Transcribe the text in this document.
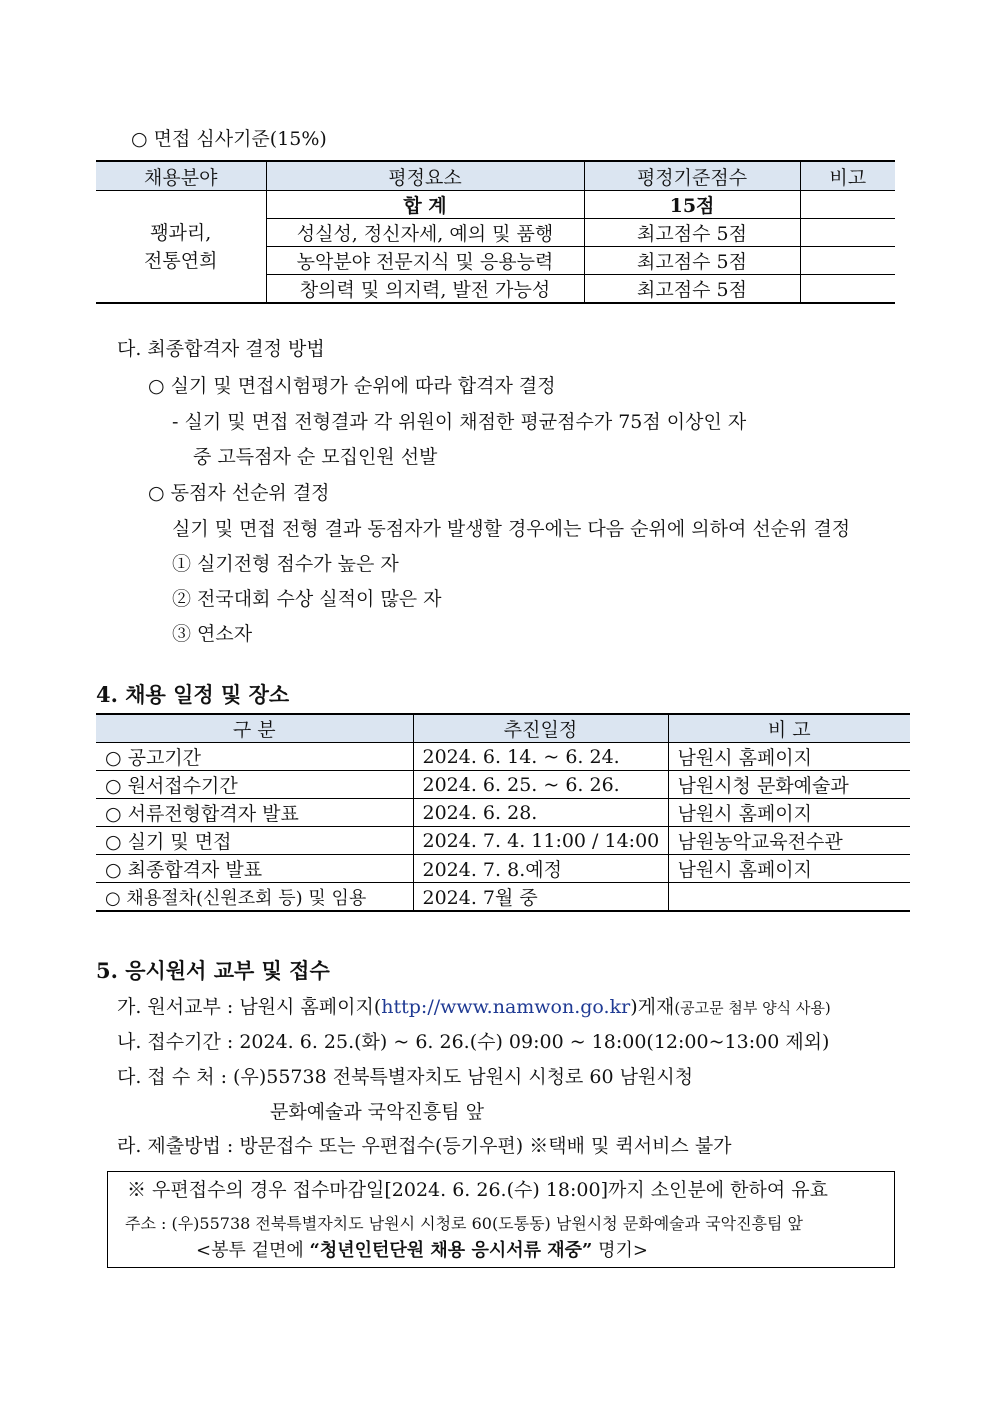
○ 면접 심사기준(15%)
채용분야	평정요소	평정기준점수	비고

꽹과리,
전통연희	합 계	15점	
	성실성, 정신자세, 예의 및 품행	최고점수 5점	
	농악분야 전문지식 및 응용능력	최고점수 5점	
	창의력 및 의지력, 발전 가능성	최고점수 5점	
다. 최종합격자 결정 방법
○ 실기 및 면접시험평가 순위에 따라 합격자 결정
- 실기 및 면접 전형결과 각 위원이 채점한 평균점수가 75점 이상인 자
중 고득점자 순 모집인원 선발
○ 동점자 선순위 결정
실기 및 면접 전형 결과 동점자가 발생할 경우에는 다음 순위에 의하여 선순위 결정
① 실기전형 점수가 높은 자
② 전국대회 수상 실적이 많은 자
③ 연소자
4. 채용 일정 및 장소
구 분	추진일정	비 고
○ 공고기간	2024. 6. 14. ~ 6. 24.	남원시 홈페이지
○ 원서접수기간	2024. 6. 25. ~ 6. 26.	남원시청 문화예술과
○ 서류전형합격자 발표	2024. 6. 28.	남원시 홈페이지
○ 실기 및 면접	2024. 7. 4. 11:00 / 14:00	남원농악교육전수관
○ 최종합격자 발표	2024. 7. 8.예정	남원시 홈페이지
○ 채용절차(신원조회 등) 및 임용	2024. 7월 중	
5. 응시원서 교부 및 접수
가. 원서교부 : 남원시 홈페이지(http://www.namwon.go.kr)게재(공고문 첨부 양식 사용)
나. 접수기간 : 2024. 6. 25.(화) ~ 6. 26.(수) 09:00 ~ 18:00(12:00~13:00 제외)
다. 접 수 처 : (우)55738 전북특별자치도 남원시 시청로 60 남원시청
문화예술과 국악진흥팀 앞
라. 제출방법 : 방문접수 또는 우편접수(등기우편) ※택배 및 퀵서비스 불가
※ 우편접수의 경우 접수마감일[2024. 6. 26.(수) 18:00]까지 소인분에 한하여 유효
주소 : (우)55738 전북특별자치도 남원시 시청로 60(도통동) 남원시청 문화예술과 국악진흥팀 앞
<봉투 겉면에 “청년인턴단원 채용 응시서류 재중” 명기>
